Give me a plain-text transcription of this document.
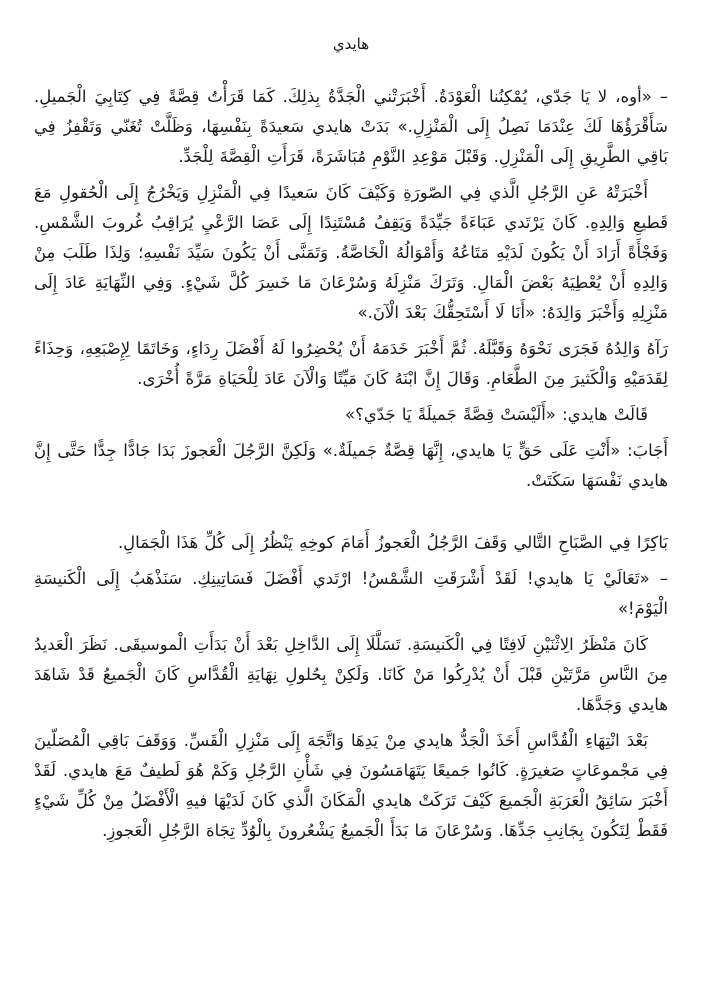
هايدي

– «أوه، لا يَا جَدّي، يُمْكِنُنا الْعَوْدَةُ. أَخْبَرَتْني الْجَدَّةُ بِذلِكَ. كَمَا قَرَأْتُ قِصَّةً فِي كِتَابِيَ الْجَميلِ. سَأَقْرَؤُهَا لَكَ عِنْدَمَا نَصِلُ إِلَى الْمَنْزِلِ.» بَدَتْ هايدي سَعيدَةً بِنَفْسِهَا، وَظَلَّتْ تُغَنّي وَتَقْفِزُ فِي بَاقِي الطَّرِيقِ إِلَى الْمَنْزِلِ. وَقَبْلَ مَوْعِدِ النَّوْمِ مُبَاشَرَةً، قَرَأَتِ الْقِصَّةَ لِلْجَدِّ.

أَخْبَرَتْهُ عَنِ الرَّجُلِ الَّذي فِي الصّورَةِ وَكَيْفَ كَانَ سَعيدًا فِي الْمَنْزِلِ وَيَخْرُجُ إِلَى الْحُقولِ مَعَ قَطيعِ وَالِدِهِ. كَانَ يَرْتَدي عَبَاءَةً جَيِّدَةً وَيَقِفُ مُسْتَنِدًا إِلَى عَصَا الرَّعْيِ يُرَاقِبُ غُروبَ الشَّمْسِ. وَفَجْأَةً أَرَادَ أَنْ يَكُونَ لَدَيْهِ مَتَاعُهُ وَأَمْوَالُهُ الْخَاصَّةُ. وَتَمَنَّى أَنْ يَكُونَ سَيِّدَ نَفْسِهِ؛ وَلِذَا طَلَبَ مِنْ وَالِدِهِ أَنْ يُعْطِيَهُ بَعْضَ الْمَالِ. وَتَرَكَ مَنْزِلَهُ وَسُرْعَانَ مَا خَسِرَ كُلَّ شَيْءٍ. وَفِي النِّهَايَةِ عَادَ إِلَى مَنْزِلِهِ وَأَخْبَرَ وَالِدَهُ: «أَنَا لَا أَسْتَحِقُّكَ بَعْدَ الْآنَ.»

رَآهُ وَالِدُهُ فَجَرَى نَحْوَهُ وَقَبَّلَهُ. ثُمَّ أَخْبَرَ خَدَمَهُ أَنْ يُحْضِرُوا لَهُ أَفْضَلَ رِدَاءٍ، وَخَاتَمًا لِإِصْبَعِهِ، وَحِذَاءً لِقَدَمَيْهِ وَالْكَثيرَ مِنَ الطَّعَامِ. وَقَالَ إِنَّ ابْنَهُ كَانَ مَيِّتًا وَالْآنَ عَادَ لِلْحَيَاةِ مَرَّةً أُخْرَى.

قَالَتْ هايدي: «أَلَيْسَتْ قِصَّةً جَميلَةً يَا جَدّي؟»

أَجَابَ: «أَنْتِ عَلَى حَقٍّ يَا هايدي، إِنَّهَا قِصَّةٌ جَميلَةٌ.» وَلَكِنَّ الرَّجُلَ الْعَجوزَ بَدَا جَادًّا جِدًّا حَتَّى إِنَّ هايدي نَفْسَهَا سَكَتَتْ.

بَاكِرًا فِي الصَّبَاحِ التَّالي وَقَفَ الرَّجُلُ الْعَجوزُ أَمَامَ كوخِهِ يَنْظُرُ إِلَى كُلِّ هَذَا الْجَمَالِ.

– «تَعَالَيْ يَا هايدي! لَقَدْ أَشْرَقَتِ الشَّمْسُ! ارْتَدي أَفْضَلَ فَسَاتِينِكِ. سَنَذْهَبُ إِلَى الْكَنيسَةِ الْيَوْمَ!»

كَانَ مَنْظَرُ الِاثْنَيْنِ لَافِتًا فِي الْكَنيسَةِ. تَسَلَّلَا إِلَى الدَّاخِلِ بَعْدَ أَنْ بَدَأَتِ الْموسيقَى. نَظَرَ الْعَديدُ مِنَ النَّاسِ مَرَّتَيْنِ قَبْلَ أَنْ يُدْرِكُوا مَنْ كَانَا. وَلَكِنْ بِحُلولِ نِهَايَةِ الْقُدَّاسِ كَانَ الْجَميعُ قَدْ شَاهَدَ هايدي وَجَدَّهَا.

بَعْدَ انْتِهَاءِ الْقُدَّاسِ أَخَذَ الْجَدُّ هايدي مِنْ يَدِهَا وَاتَّجَهَ إِلَى مَنْزِلِ الْقَسِّ. وَوَقَفَ بَاقِي الْمُصَلّينَ فِي مَجْموعَاتٍ صَغيرَةٍ. كَانُوا جَميعًا يَتَهَامَسُونَ فِي شَأْنِ الرَّجُلِ وَكَمْ هُوَ لَطيفٌ مَعَ هايدي. لَقَدْ أَخْبَرَ سَائِقُ الْعَرَبَةِ الْجَميعَ كَيْفَ تَرَكَتْ هايدي الْمَكَانَ الَّذي كَانَ لَدَيْهَا فيهِ الْأَفْضَلُ مِنْ كُلِّ شَيْءٍ فَقَطْ لِتَكُونَ بِجَانِبِ جَدِّهَا. وَسُرْعَانَ مَا بَدَأَ الْجَميعُ يَشْعُرونَ بِالْوُدِّ تِجَاهَ الرَّجُلِ الْعَجوزِ.
